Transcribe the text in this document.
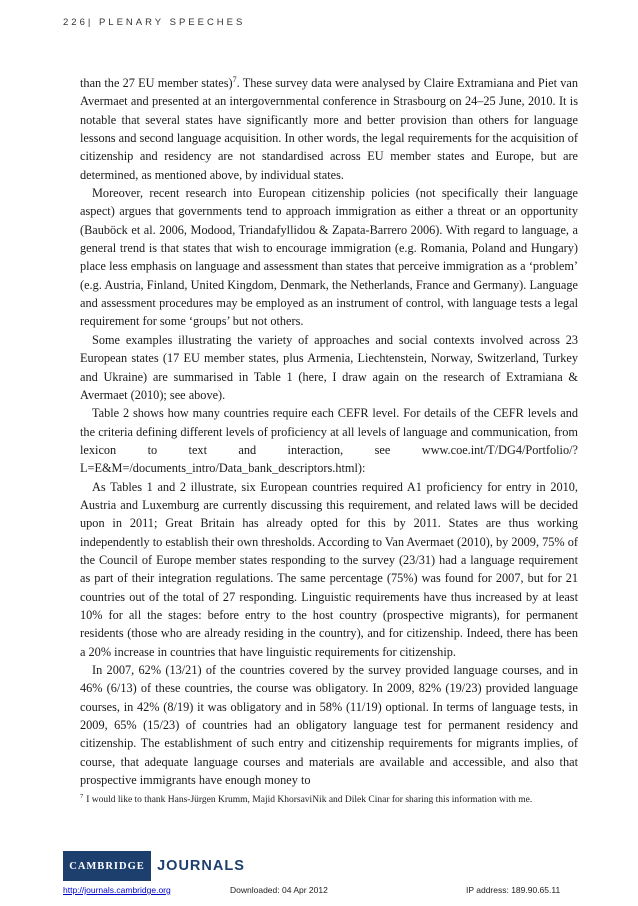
226| PLENARY SPEECHES

than the 27 EU member states)$^7$. These survey data were analysed by Claire Extramiana and Piet van Avermaet and presented at an intergovernmental conference in Strasbourg on 24–25 June, 2010. It is notable that several states have significantly more and better provision than others for language lessons and second language acquisition. In other words, the legal requirements for the acquisition of citizenship and residency are not standardised across EU member states and Europe, but are determined, as mentioned above, by individual states.

Moreover, recent research into European citizenship policies (not specifically their language aspect) argues that governments tend to approach immigration as either a threat or an opportunity (Bauböck et al. 2006, Modood, Triandafyllidou & Zapata-Barrero 2006). With regard to language, a general trend is that states that wish to encourage immigration (e.g. Romania, Poland and Hungary) place less emphasis on language and assessment than states that perceive immigration as a ‘problem’ (e.g. Austria, Finland, United Kingdom, Denmark, the Netherlands, France and Germany). Language and assessment procedures may be employed as an instrument of control, with language tests a legal requirement for some ‘groups’ but not others.

Some examples illustrating the variety of approaches and social contexts involved across 23 European states (17 EU member states, plus Armenia, Liechtenstein, Norway, Switzerland, Turkey and Ukraine) are summarised in Table 1 (here, I draw again on the research of Extramiana & Avermaet (2010); see above).

Table 2 shows how many countries require each CEFR level. For details of the CEFR levels and the criteria defining different levels of proficiency at all levels of language and communication, from lexicon to text and interaction, see www.coe.int/T/DG4/Portfolio/?L=E&M=/documents_intro/Data_bank_descriptors.html):

As Tables 1 and 2 illustrate, six European countries required A1 proficiency for entry in 2010, Austria and Luxemburg are currently discussing this requirement, and related laws will be decided upon in 2011; Great Britain has already opted for this by 2011. States are thus working independently to establish their own thresholds. According to Van Avermaet (2010), by 2009, 75% of the Council of Europe member states responding to the survey (23/31) had a language requirement as part of their integration regulations. The same percentage (75%) was found for 2007, but for 21 countries out of the total of 27 responding. Linguistic requirements have thus increased by at least 10% for all the stages: before entry to the host country (prospective migrants), for permanent residents (those who are already residing in the country), and for citizenship. Indeed, there has been a 20% increase in countries that have linguistic requirements for citizenship.

In 2007, 62% (13/21) of the countries covered by the survey provided language courses, and in 46% (6/13) of these countries, the course was obligatory. In 2009, 82% (19/23) provided language courses, in 42% (8/19) it was obligatory and in 58% (11/19) optional. In terms of language tests, in 2009, 65% (15/23) of countries had an obligatory language test for permanent residency and citizenship. The establishment of such entry and citizenship requirements for migrants implies, of course, that adequate language courses and materials are available and accessible, and also that prospective immigrants have enough money to

$^7$ I would like to thank Hans-Jürgen Krumm, Majid KhorsaviNik and Dilek Cinar for sharing this information with me.
CAMBRIDGE JOURNALS
http://journals.cambridge.org	Downloaded: 04 Apr 2012	IP address: 189.90.65.11
